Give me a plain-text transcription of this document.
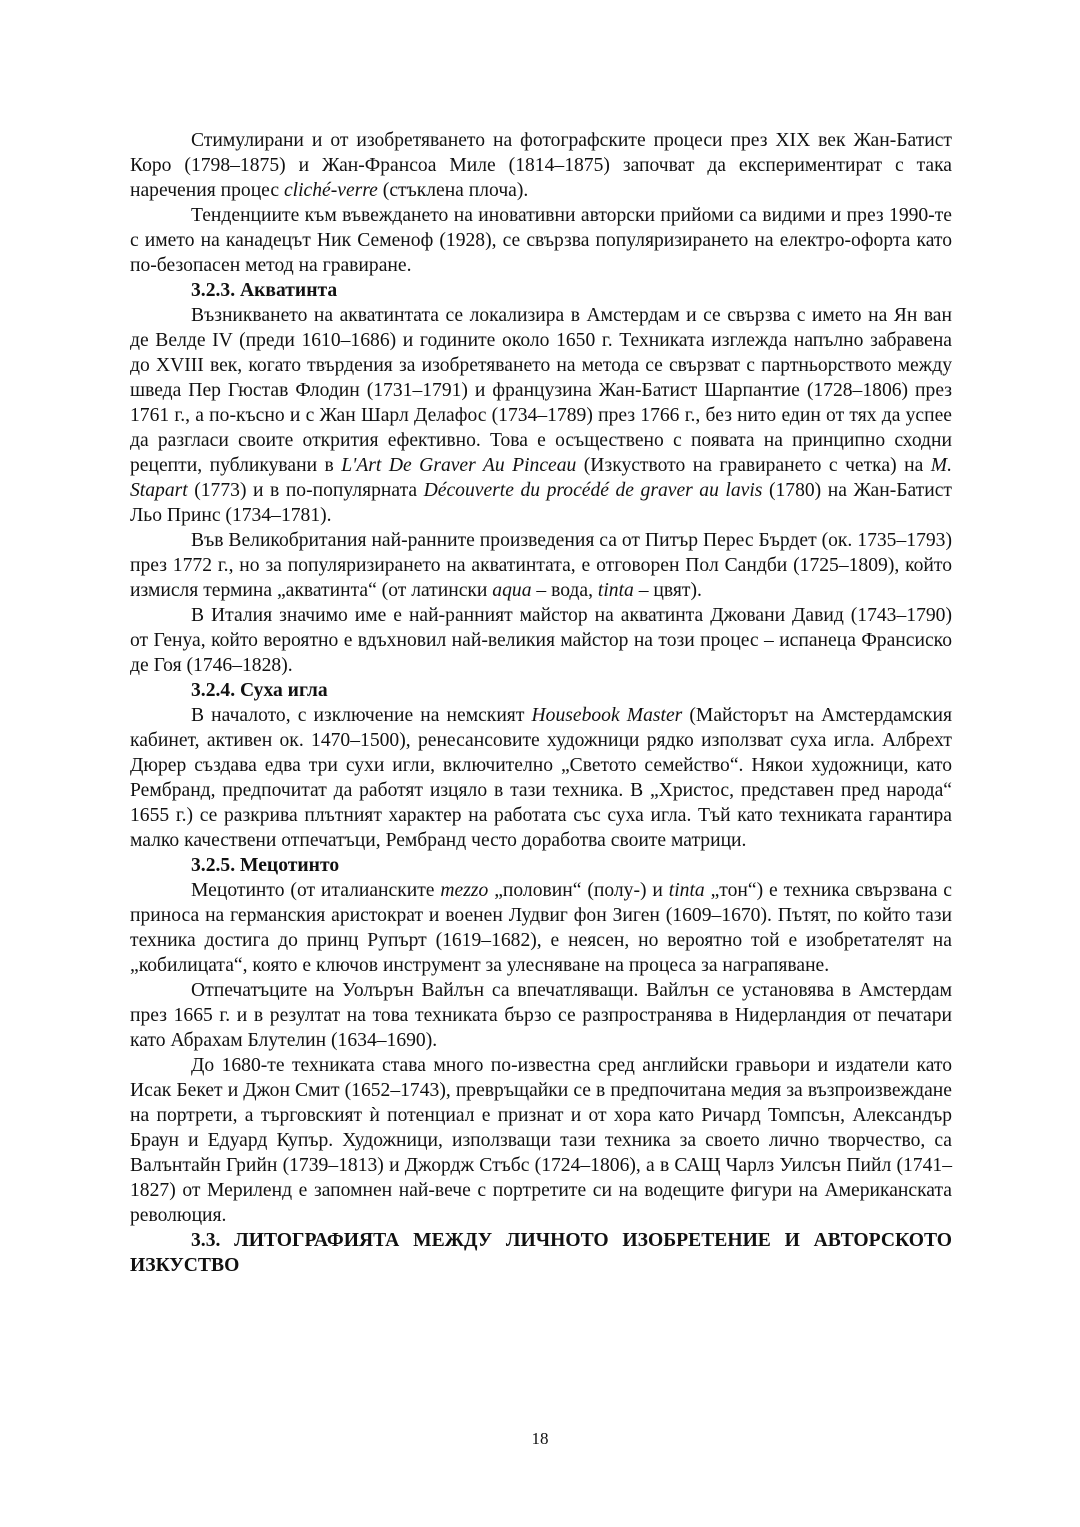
Стимулирани и от изобретяването на фотографските процеси през XIX век Жан-Батист Коро (1798–1875) и Жан-Франсоа Миле (1814–1875) започват да експериментират с така наречения процес cliché-verre (стъклена плоча).

Тенденциите към въвеждането на иновативни авторски прийоми са видими и през 1990-те с името на канадецът Ник Семеноф (1928), се свързва популяризирането на електро-офорта като по-безопасен метод на гравиране.

3.2.3. Акватинта

Възникването на акватинтата се локализира в Амстердам и се свързва с името на Ян ван де Велде IV (преди 1610–1686) и годините около 1650 г. Техниката изглежда напълно забравена до XVIII век, когато твърдения за изобретяването на метода се свързват с партньорството между шведа Пер Гюстав Флодин (1731–1791) и французина Жан-Батист Шарпантие (1728–1806) през 1761 г., а по-късно и с Жан Шарл Делафос (1734–1789) през 1766 г., без нито един от тях да успее да разгласи своите открития ефективно. Това е осъществено с появата на принципно сходни рецепти, публикувани в L'Art De Graver Au Pinceau (Изкуството на гравирането с четка) на M. Stapart (1773) и в по-популярната Découverte du procédé de graver au lavis (1780) на Жан-Батист Льо Принс (1734–1781).

Във Великобритания най-ранните произведения са от Питър Перес Бърдет (ок. 1735–1793) през 1772 г., но за популяризирането на акватинтата, е отговорен Пол Сандби (1725–1809), който измисля термина „акватинта“ (от латински aqua – вода, tinta – цвят).

В Италия значимо име е най-ранният майстор на акватинта Джовани Давид (1743–1790) от Генуа, който вероятно е вдъхновил най-великия майстор на този процес – испанеца Франсиско де Гоя (1746–1828).

3.2.4. Суха игла

В началото, с изключение на немският Housebook Master (Майсторът на Амстердамския кабинет, активен ок. 1470–1500), ренесансовите художници рядко използват суха игла. Албрехт Дюрер създава едва три сухи игли, включително „Светото семейство“. Някои художници, като Рембранд, предпочитат да работят изцяло в тази техника. В „Христос, представен пред народа“ 1655 г.) се разкрива плътният характер на работата със суха игла. Тъй като техниката гарантира малко качествени отпечатъци, Рембранд често доработва своите матрици.

3.2.5. Мецотинто

Мецотинто (от италианските mezzo „половин“ (полу-) и tinta „тон“) е техника свързвана с приноса на германския аристократ и военен Лудвиг фон Зиген (1609–1670). Пътят, по който тази техника достига до принц Рупърт (1619–1682), е неясен, но вероятно той е изобретателят на „кобилицата“, която е ключов инструмент за улесняване на процеса за награпяване.

Отпечатъците на Уолърън Вайлън са впечатляващи. Вайлън се установява в Амстердам през 1665 г. и в резултат на това техниката бързо се разпространява в Нидерландия от печатари като Абрахам Блутелин (1634–1690).

До 1680-те техниката става много по-известна сред английски гравьори и издатели като Исак Бекет и Джон Смит (1652–1743), превръщайки се в предпочитана медия за възпроизвеждане на портрети, а търговският ѝ потенциал е признат и от хора като Ричард Томпсън, Александър Браун и Едуард Купър. Художници, използващи тази техника за своето лично творчество, са Валънтайн Грийн (1739–1813) и Джордж Стъбс (1724–1806), а в САЩ Чарлз Уилсън Пийл (1741–1827) от Мериленд е запомнен най-вече с портретите си на водещите фигури на Американската революция.

3.3. ЛИТОГРАФИЯТА МЕЖДУ ЛИЧНОТО ИЗОБРЕТЕНИЕ И АВТОРСКОТО ИЗКУСТВО

18
